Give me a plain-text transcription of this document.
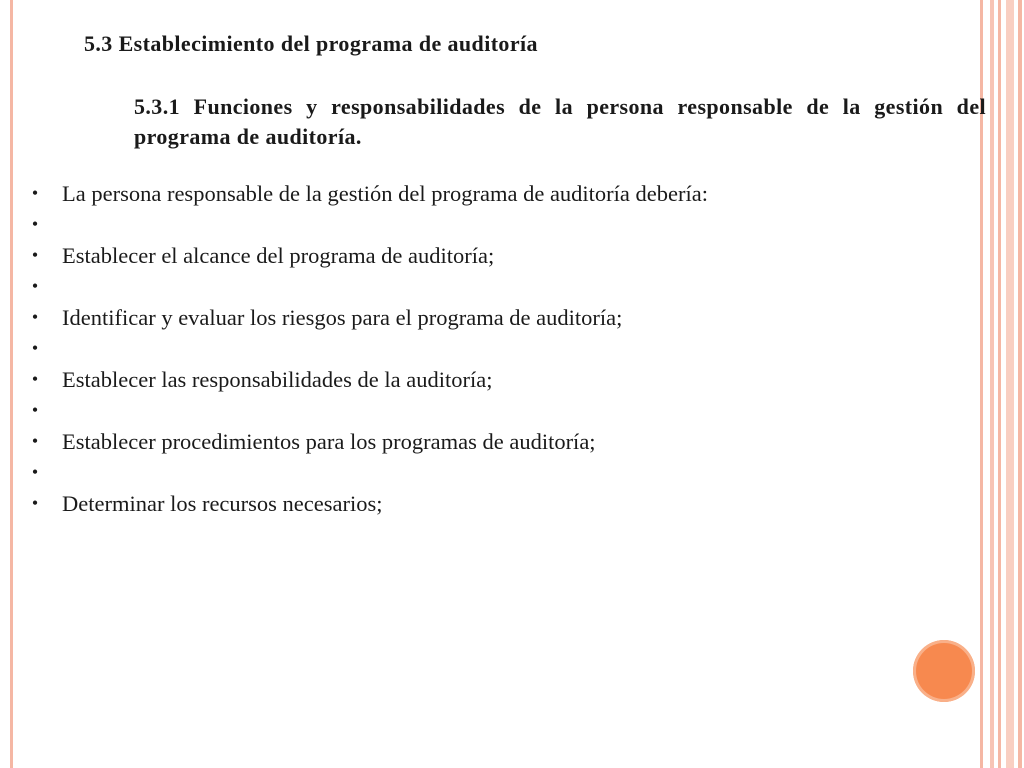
5.3 Establecimiento del programa de auditoría
5.3.1 Funciones y responsabilidades de la persona responsable de la gestión del programa de auditoría.
• La persona responsable de la gestión del programa de auditoría debería:
•
• Establecer el alcance del programa de auditoría;
•
• Identificar y evaluar los riesgos para el programa de auditoría;
•
• Establecer las responsabilidades de la auditoría;
•
• Establecer procedimientos para los programas de auditoría;
•
• Determinar los recursos necesarios;
